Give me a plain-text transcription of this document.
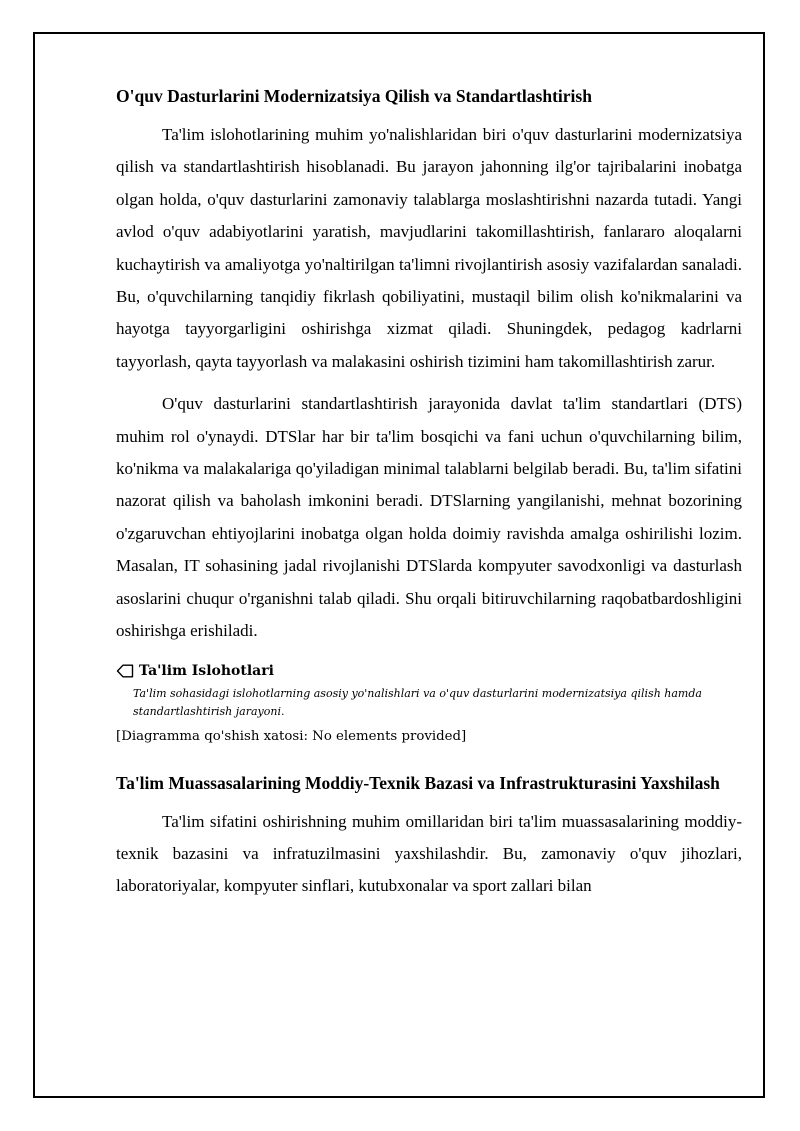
O'quv Dasturlarini Modernizatsiya Qilish va Standartlashtirish

Ta'lim islohotlarining muhim yo'nalishlaridan biri o'quv dasturlarini modernizatsiya qilish va standartlashtirish hisoblanadi. Bu jarayon jahonning ilg'or tajribalarini inobatga olgan holda, o'quv dasturlarini zamonaviy talablarga moslashtirishni nazarda tutadi. Yangi avlod o'quv adabiyotlarini yaratish, mavjudlarini takomillashtirish, fanlararo aloqalarni kuchaytirish va amaliyotga yo'naltirilgan ta'limni rivojlantirish asosiy vazifalardan sanaladi. Bu, o'quvchilarning tanqidiy fikrlash qobiliyatini, mustaqil bilim olish ko'nikmalarini va hayotga tayyorgarligini oshirishga xizmat qiladi. Shuningdek, pedagog kadrlarni tayyorlash, qayta tayyorlash va malakasini oshirish tizimini ham takomillashtirish zarur.

O'quv dasturlarini standartlashtirish jarayonida davlat ta'lim standartlari (DTS) muhim rol o'ynaydi. DTSlar har bir ta'lim bosqichi va fani uchun o'quvchilarning bilim, ko'nikma va malakalariga qo'yiladigan minimal talablarni belgilab beradi. Bu, ta'lim sifatini nazorat qilish va baholash imkonini beradi. DTSlarning yangilanishi, mehnat bozorining o'zgaruvchan ehtiyojlarini inobatga olgan holda doimiy ravishda amalga oshirilishi lozim. Masalan, IT sohasining jadal rivojlanishi DTSlarda kompyuter savodxonligi va dasturlash asoslarini chuqur o'rganishni talab qiladi. Shu orqali bitiruvchilarning raqobatbardoshligini oshirishga erishiladi.

Ta'lim Islohotlari
Ta'lim sohasidagi islohotlarning asosiy yo'nalishlari va o'quv dasturlarini modernizatsiya qilish hamda standartlashtirish jarayoni.
[Diagramma qo'shish xatosi: No elements provided]
Ta'lim Muassasalarining Moddiy-Texnik Bazasi va Infrastrukturasini Yaxshilash

Ta'lim sifatini oshirishning muhim omillaridan biri ta'lim muassasalarining moddiy-texnik bazasini va infratuzilmasini yaxshilashdir. Bu, zamonaviy o'quv jihozlari, laboratoriyalar, kompyuter sinflari, kutubxonalar va sport zallari bilan
